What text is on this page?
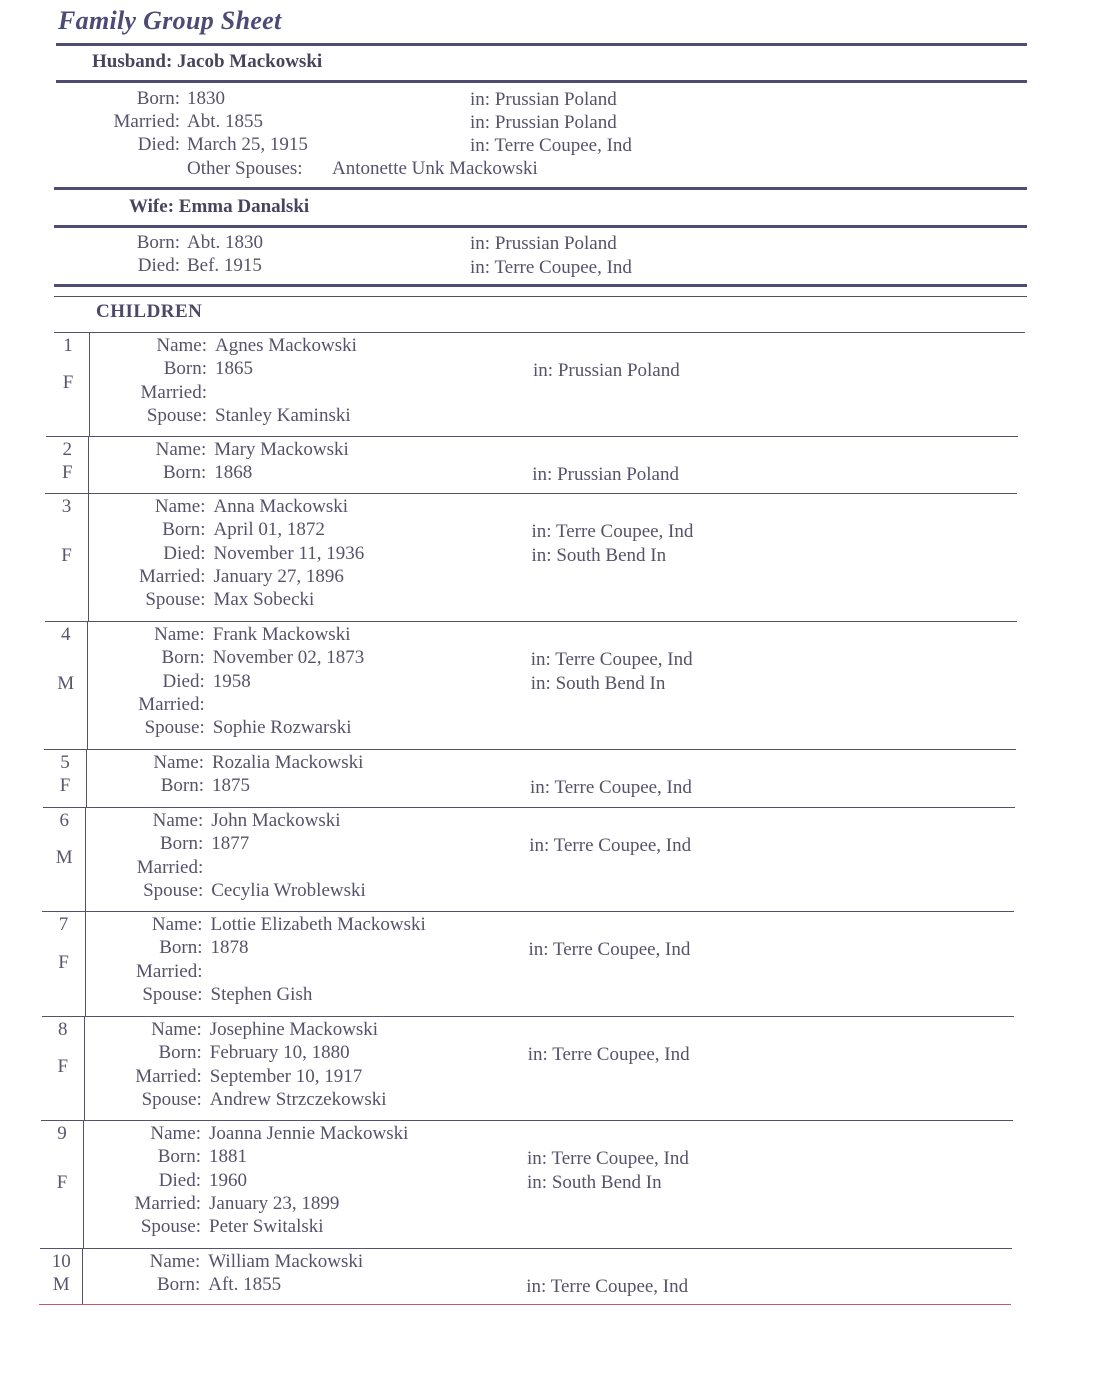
Family Group Sheet
Husband: Jacob Mackowski
Born: 1830	in: Prussian Poland
Married: Abt. 1855	in: Prussian Poland
Died: March 25, 1915	in: Terre Coupee, Ind
Other Spouses: Antonette Unk Mackowski
Wife: Emma Danalski
Born: Abt. 1830	in: Prussian Poland
Died: Bef. 1915	in: Terre Coupee, Ind
CHILDREN
1
F
Name: Agnes Mackowski
Born: 1865	in: Prussian Poland
Married:
Spouse: Stanley Kaminski
2
F
Name: Mary Mackowski
Born: 1868	in: Prussian Poland
3
F
Name: Anna Mackowski
Born: April 01, 1872	in: Terre Coupee, Ind
Died: November 11, 1936	in: South Bend In
Married: January 27, 1896
Spouse: Max Sobecki
4
M
Name: Frank Mackowski
Born: November 02, 1873	in: Terre Coupee, Ind
Died: 1958	in: South Bend In
Married:
Spouse: Sophie Rozwarski
5
F
Name: Rozalia Mackowski
Born: 1875	in: Terre Coupee, Ind
6
M
Name: John Mackowski
Born: 1877	in: Terre Coupee, Ind
Married:
Spouse: Cecylia Wroblewski
7
F
Name: Lottie Elizabeth Mackowski
Born: 1878	in: Terre Coupee, Ind
Married:
Spouse: Stephen Gish
8
F
Name: Josephine Mackowski
Born: February 10, 1880	in: Terre Coupee, Ind
Married: September 10, 1917
Spouse: Andrew Strzczekowski
9
F
Name: Joanna Jennie Mackowski
Born: 1881	in: Terre Coupee, Ind
Died: 1960	in: South Bend In
Married: January 23, 1899
Spouse: Peter Switalski
10
M
Name: William Mackowski
Born: Aft. 1855	in: Terre Coupee, Ind
